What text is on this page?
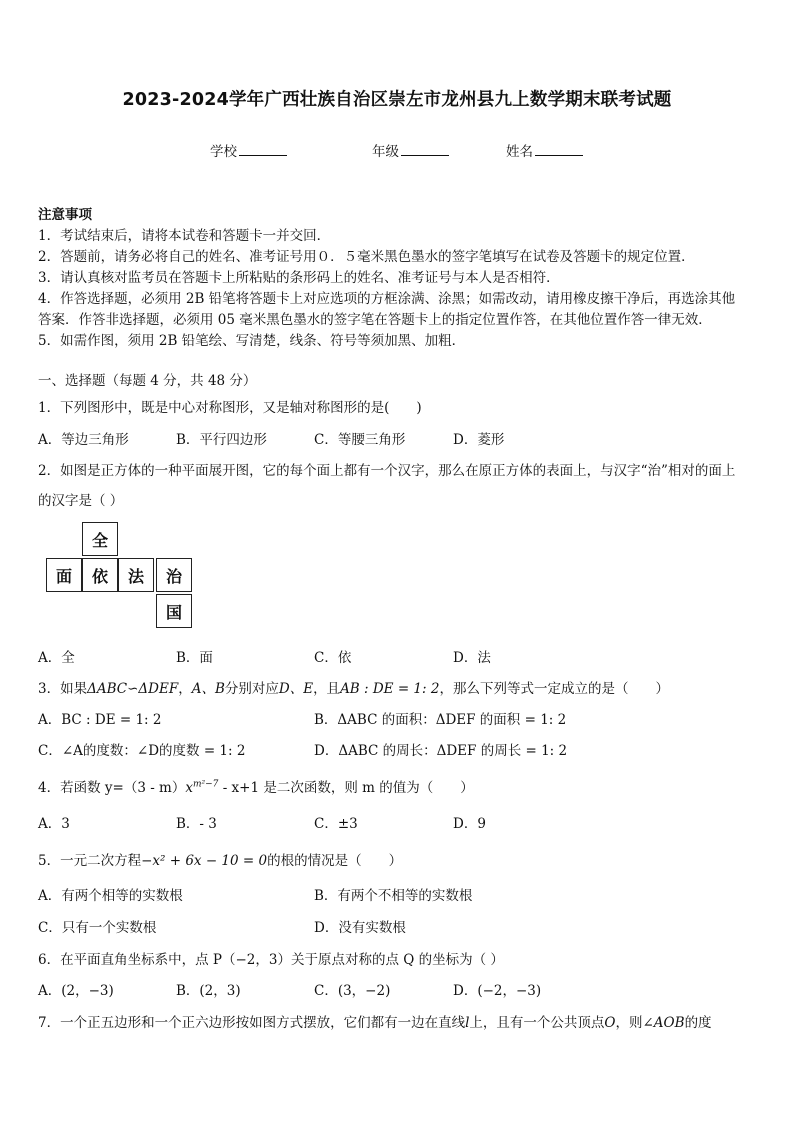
2023-2024学年广西壮族自治区崇左市龙州县九上数学期末联考试题
学校	年级	姓名
注意事项
1．考试结束后，请将本试卷和答题卡一并交回．
2．答题前，请务必将自己的姓名、准考证号用０．５毫米黑色墨水的签字笔填写在试卷及答题卡的规定位置．
3．请认真核对监考员在答题卡上所粘贴的条形码上的姓名、准考证号与本人是否相符．
4．作答选择题，必须用 2B 铅笔将答题卡上对应选项的方框涂满、涂黑；如需改动，请用橡皮擦干净后，再选涂其他
答案．作答非选择题，必须用 05 毫米黑色墨水的签字笔在答题卡上的指定位置作答，在其他位置作答一律无效．
5．如需作图，须用 2B 铅笔绘、写清楚，线条、符号等须加黑、加粗．
一、选择题（每题 4 分，共 48 分）
1．下列图形中，既是中心对称图形，又是轴对称图形的是(　　)
A．等边三角形	B．平行四边形	C．等腰三角形	D．菱形
2．如图是正方体的一种平面展开图，它的每个面上都有一个汉字，那么在原正方体的表面上，与汉字“治”相对的面上
的汉字是（ ）
全
面	依	法	治
国
A．全	B．面	C．依	D．法
3．如果ΔABC∽ΔDEF，A、B分别对应D、E，且AB : DE = 1: 2，那么下列等式一定成立的是（　　）
A．BC : DE = 1: 2	B．ΔABC 的面积：ΔDEF 的面积 = 1: 2
C．∠A的度数：∠D的度数 = 1: 2	D．ΔABC 的周长：ΔDEF 的周长 = 1: 2
4．若函数 $y=(3 - m)x^{m^2-7} - x+1$ 是二次函数，则 m 的值为（　　）
A．3	B．- 3	C．±3	D．9
5．一元二次方程−x² + 6x − 10 = 0的根的情况是（　　）
A．有两个相等的实数根	B．有两个不相等的实数根
C．只有一个实数根	D．没有实数根
6．在平面直角坐标系中，点 P（−2，3）关于原点对称的点 Q 的坐标为（ ）
A．(2，−3)	B．(2，3)	C．(3，−2)	D．(−2，−3)
7．一个正五边形和一个正六边形按如图方式摆放，它们都有一边在直线l上，且有一个公共顶点O，则∠AOB的度
